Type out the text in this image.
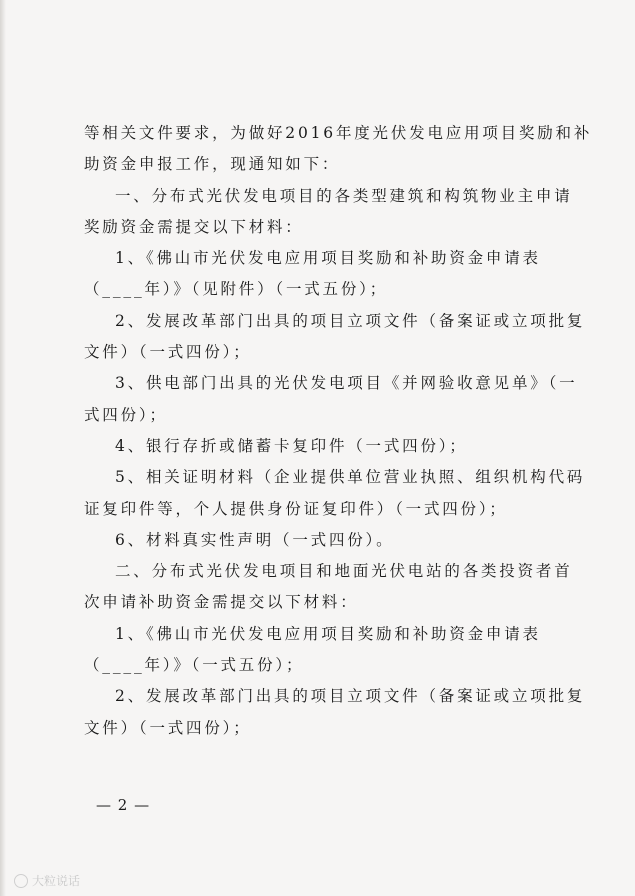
等相关文件要求，为做好2016年度光伏发电应用项目奖励和补
助资金申报工作，现通知如下：
一、分布式光伏发电项目的各类型建筑和构筑物业主申请
奖励资金需提交以下材料：
1、《佛山市光伏发电应用项目奖励和补助资金申请表
（____年）》（见附件）（一式五份）；
2、发展改革部门出具的项目立项文件（备案证或立项批复
文件）（一式四份）；
3、供电部门出具的光伏发电项目《并网验收意见单》（一
式四份）；
4、银行存折或储蓄卡复印件（一式四份）；
5、相关证明材料（企业提供单位营业执照、组织机构代码
证复印件等，个人提供身份证复印件）（一式四份）；
6、材料真实性声明（一式四份）。
二、分布式光伏发电项目和地面光伏电站的各类投资者首
次申请补助资金需提交以下材料：
1、《佛山市光伏发电应用项目奖励和补助资金申请表
（____年）》（一式五份）；
2、发展改革部门出具的项目立项文件（备案证或立项批复
文件）（一式四份）；
— 2 —
大粒说话
